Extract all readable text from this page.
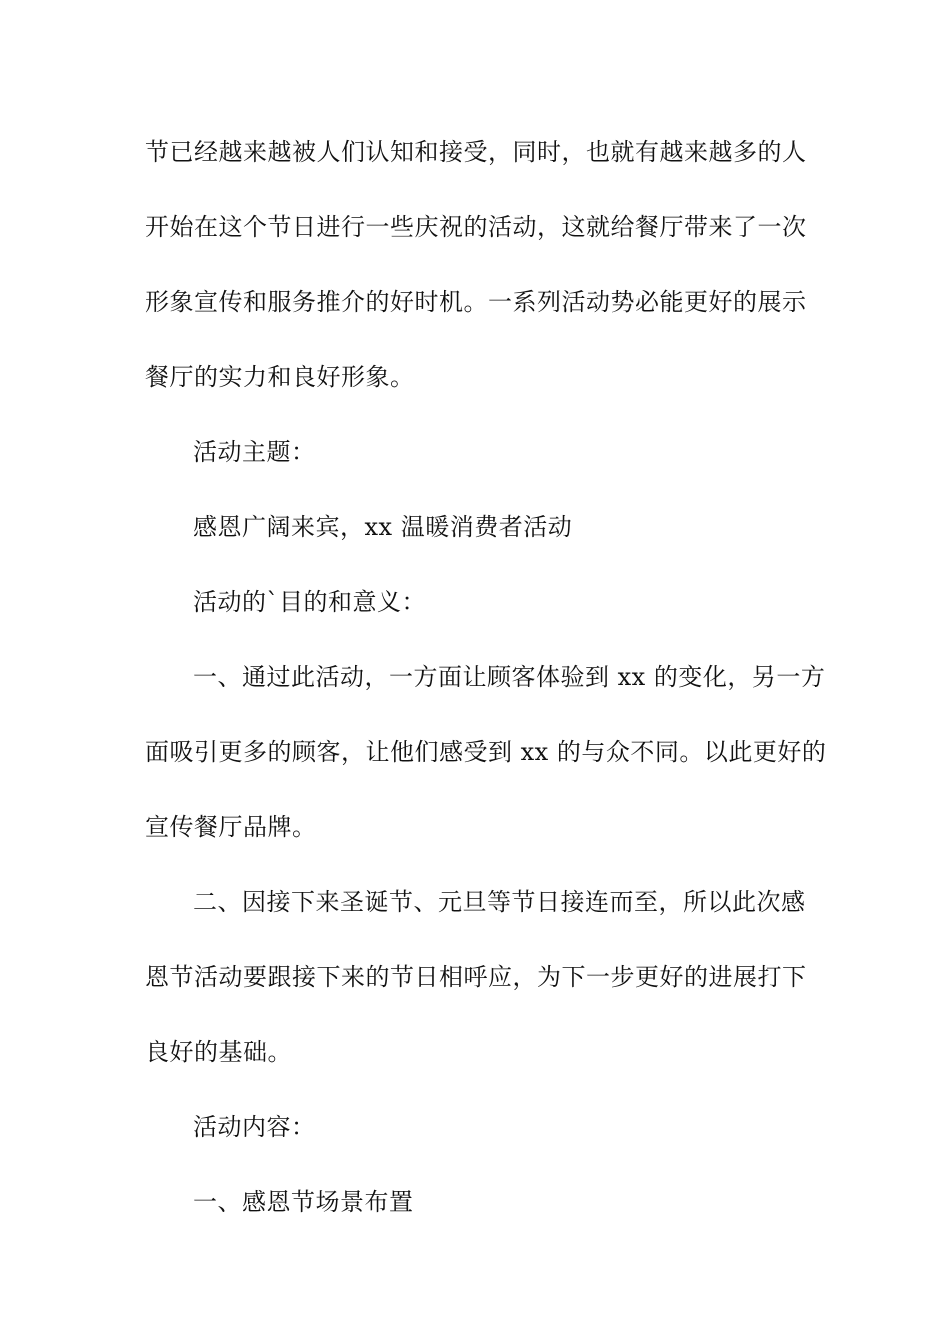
节已经越来越被人们认知和接受，同时，也就有越来越多的人
开始在这个节日进行一些庆祝的活动，这就给餐厅带来了一次
形象宣传和服务推介的好时机。一系列活动势必能更好的展示
餐厅的实力和良好形象。
活动主题：
感恩广阔来宾，xx 温暖消费者活动
活动的`目的和意义：
一、通过此活动，一方面让顾客体验到 xx 的变化，另一方
面吸引更多的顾客，让他们感受到 xx 的与众不同。以此更好的
宣传餐厅品牌。
二、因接下来圣诞节、元旦等节日接连而至，所以此次感
恩节活动要跟接下来的节日相呼应，为下一步更好的进展打下
良好的基础。
活动内容：
一、感恩节场景布置
